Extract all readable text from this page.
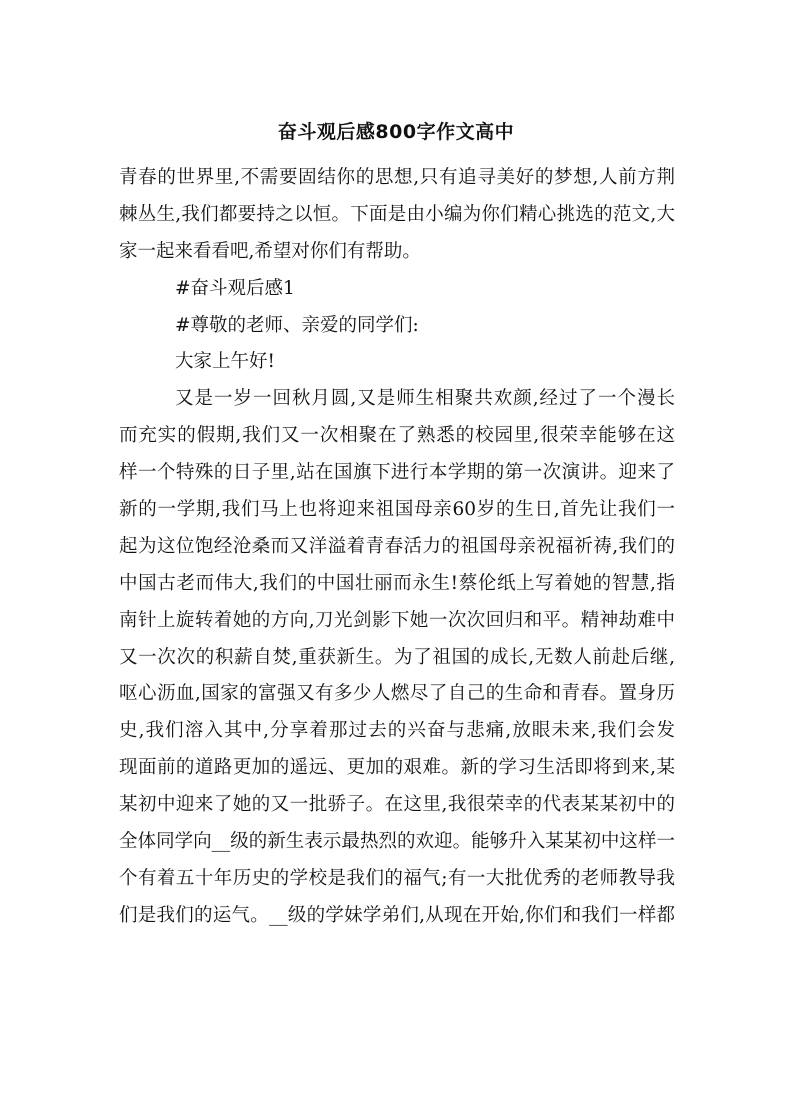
奋斗观后感800字作文高中
青春的世界里,不需要固结你的思想,只有追寻美好的梦想,人前方荆
棘丛生,我们都要持之以恒。下面是由小编为你们精心挑选的范文,大
家一起来看看吧,希望对你们有帮助。
#奋斗观后感1
#尊敬的老师、亲爱的同学们:
大家上午好!
又是一岁一回秋月圆,又是师生相聚共欢颜,经过了一个漫长
而充实的假期,我们又一次相聚在了熟悉的校园里,很荣幸能够在这
样一个特殊的日子里,站在国旗下进行本学期的第一次演讲。迎来了
新的一学期,我们马上也将迎来祖国母亲60岁的生日,首先让我们一
起为这位饱经沧桑而又洋溢着青春活力的祖国母亲祝福祈祷,我们的
中国古老而伟大,我们的中国壮丽而永生!蔡伦纸上写着她的智慧,指
南针上旋转着她的方向,刀光剑影下她一次次回归和平。精神劫难中
又一次次的积薪自焚,重获新生。为了祖国的成长,无数人前赴后继,
呕心沥血,国家的富强又有多少人燃尽了自己的生命和青春。置身历
史,我们溶入其中,分享着那过去的兴奋与悲痛,放眼未来,我们会发
现面前的道路更加的遥远、更加的艰难。新的学习生活即将到来,某
某初中迎来了她的又一批骄子。在这里,我很荣幸的代表某某初中的
全体同学向__级的新生表示最热烈的欢迎。能够升入某某初中这样一
个有着五十年历史的学校是我们的福气;有一大批优秀的老师教导我
们是我们的运气。__级的学妹学弟们,从现在开始,你们和我们一样都
